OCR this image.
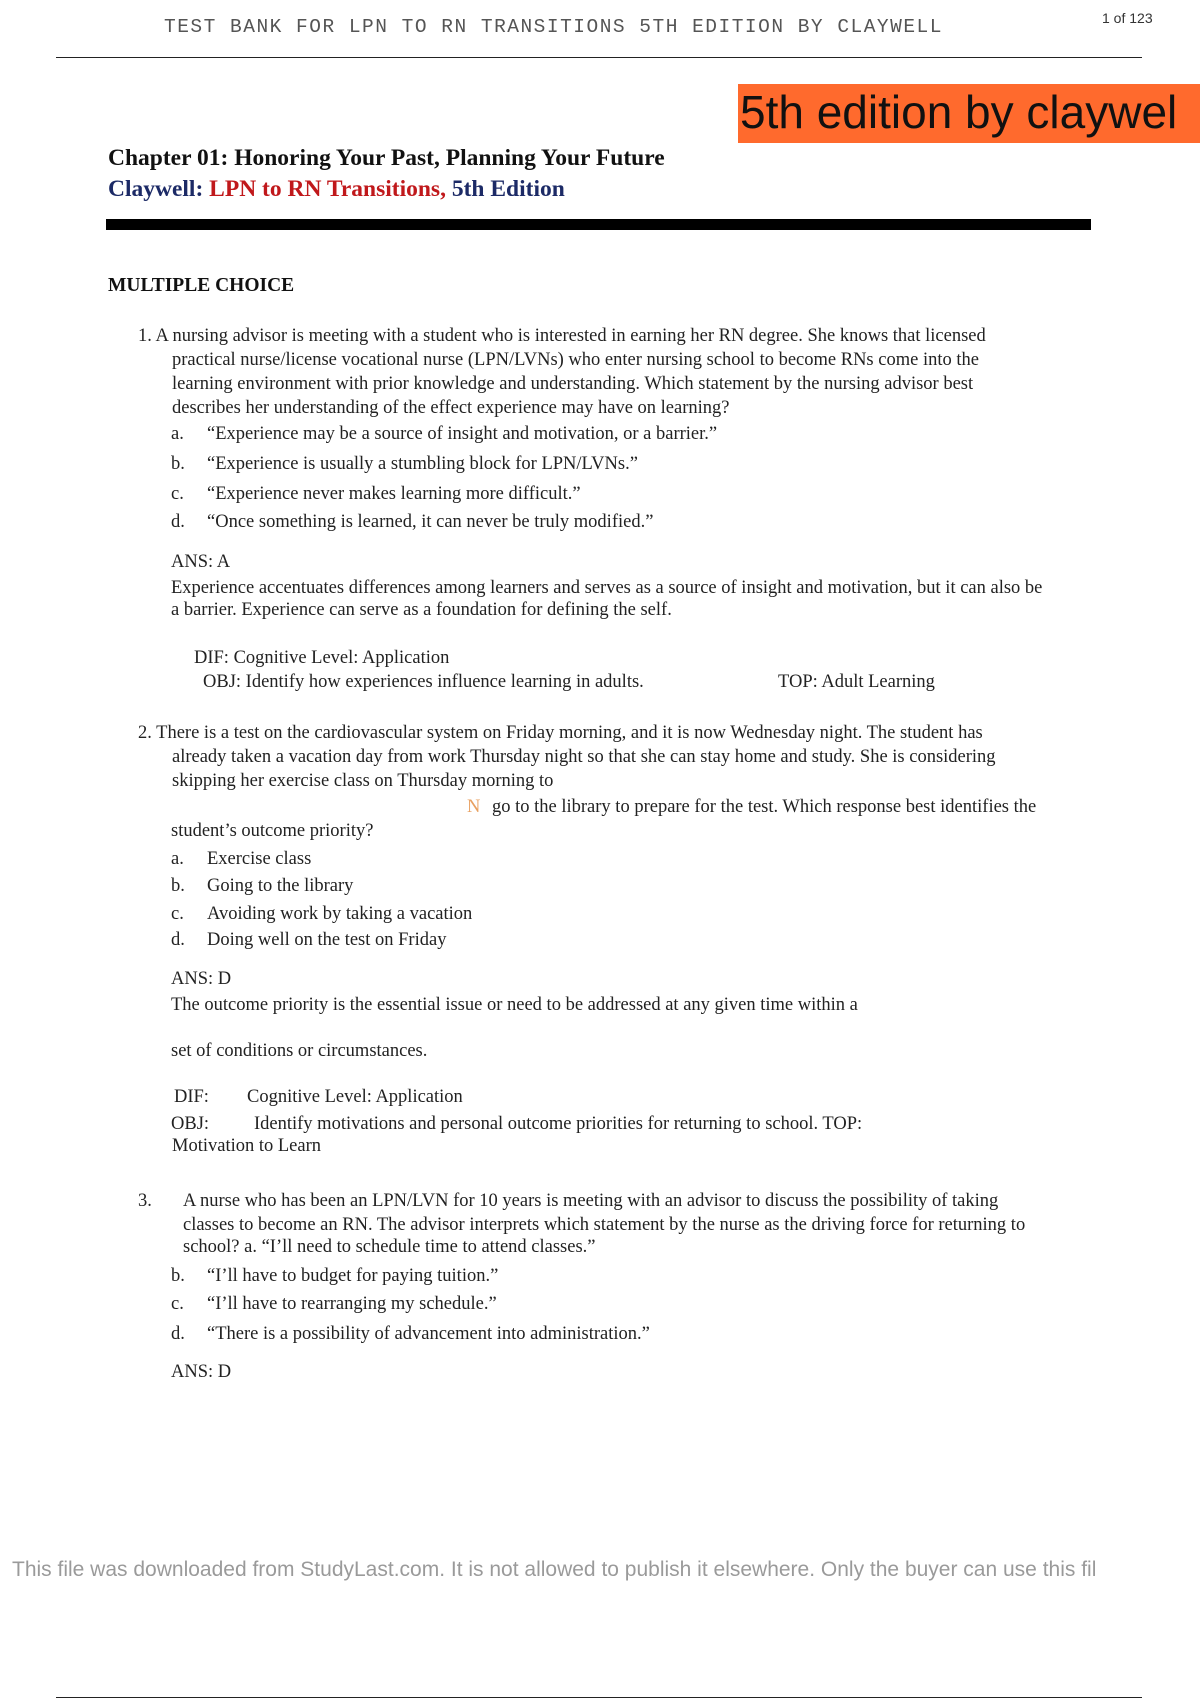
TEST BANK FOR LPN TO RN TRANSITIONS 5TH EDITION BY CLAYWELL	1 of 123
5th edition by claywel
Chapter 01: Honoring Your Past, Planning Your Future
Claywell: LPN to RN Transitions, 5th Edition
MULTIPLE CHOICE
1. A nursing advisor is meeting with a student who is interested in earning her RN degree. She knows that licensed
practical nurse/license vocational nurse (LPN/LVNs) who enter nursing school to become RNs come into the
learning environment with prior knowledge and understanding. Which statement by the nursing advisor best
describes her understanding of the effect experience may have on learning?
a. “Experience may be a source of insight and motivation, or a barrier.”
b. “Experience is usually a stumbling block for LPN/LVNs.”
c. “Experience never makes learning more difficult.”
d. “Once something is learned, it can never be truly modified.”
ANS: A
Experience accentuates differences among learners and serves as a source of insight and motivation, but it can also be
a barrier. Experience can serve as a foundation for defining the self.
DIF: Cognitive Level: Application
OBJ: Identify how experiences influence learning in adults.	TOP: Adult Learning
2. There is a test on the cardiovascular system on Friday morning, and it is now Wednesday night. The student has
already taken a vacation day from work Thursday night so that she can stay home and study. She is considering
skipping her exercise class on Thursday morning to
N go to the library to prepare for the test. Which response best identifies the
student’s outcome priority?
a. Exercise class
b. Going to the library
c. Avoiding work by taking a vacation
d. Doing well on the test on Friday
ANS: D
The outcome priority is the essential issue or need to be addressed at any given time within a
set of conditions or circumstances.
DIF: Cognitive Level: Application
OBJ: Identify motivations and personal outcome priorities for returning to school. TOP:
Motivation to Learn
3. A nurse who has been an LPN/LVN for 10 years is meeting with an advisor to discuss the possibility of taking
classes to become an RN. The advisor interprets which statement by the nurse as the driving force for returning to
school? a. “I’ll need to schedule time to attend classes.”
b. “I’ll have to budget for paying tuition.”
c. “I’ll have to rearranging my schedule.”
d. “There is a possibility of advancement into administration.”
ANS: D
This file was downloaded from StudyLast.com. It is not allowed to publish it elsewhere. Only the buyer can use this fil
